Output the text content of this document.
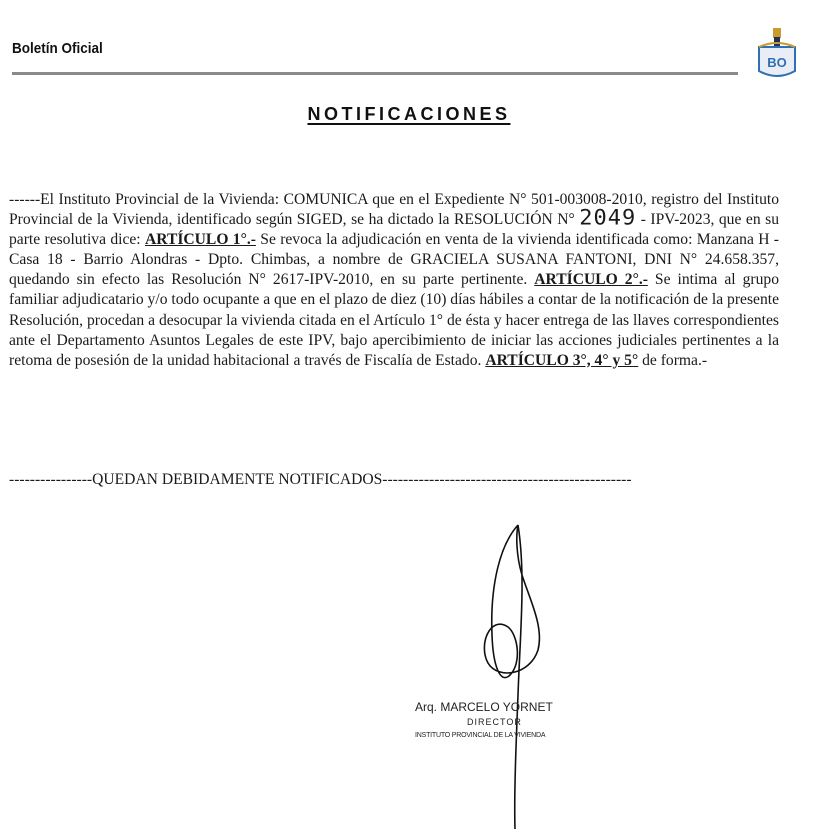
Boletín Oficial
BO
NOTIFICACIONES
------El Instituto Provincial de la Vivienda: COMUNICA que en el Expediente N° 501-003008-2010, registro del Instituto Provincial de la Vivienda, identificado según SIGED, se ha dictado la RESOLUCIÓN N° 2049 - IPV-2023, que en su parte resolutiva dice: ARTÍCULO 1°.- Se revoca la adjudicación en venta de la vivienda identificada como: Manzana H - Casa 18 - Barrio Alondras - Dpto. Chimbas, a nombre de GRACIELA SUSANA FANTONI, DNI N° 24.658.357, quedando sin efecto las Resolución N° 2617-IPV-2010, en su parte pertinente. ARTÍCULO 2°.- Se intima al grupo familiar adjudicatario y/o todo ocupante a que en el plazo de diez (10) días hábiles a contar de la notificación de la presente Resolución, procedan a desocupar la vivienda citada en el Artículo 1° de ésta y hacer entrega de las llaves correspondientes ante el Departamento Asuntos Legales de este IPV, bajo apercibimiento de iniciar las acciones judiciales pertinentes a la retoma de posesión de la unidad habitacional a través de Fiscalía de Estado. ARTÍCULO 3°, 4° y 5° de forma.-
----------------QUEDAN DEBIDAMENTE NOTIFICADOS------------------------------------------------
Arq. MARCELO YORNET
DIRECTOR
INSTITUTO PROVINCIAL DE LA VIVIENDA
